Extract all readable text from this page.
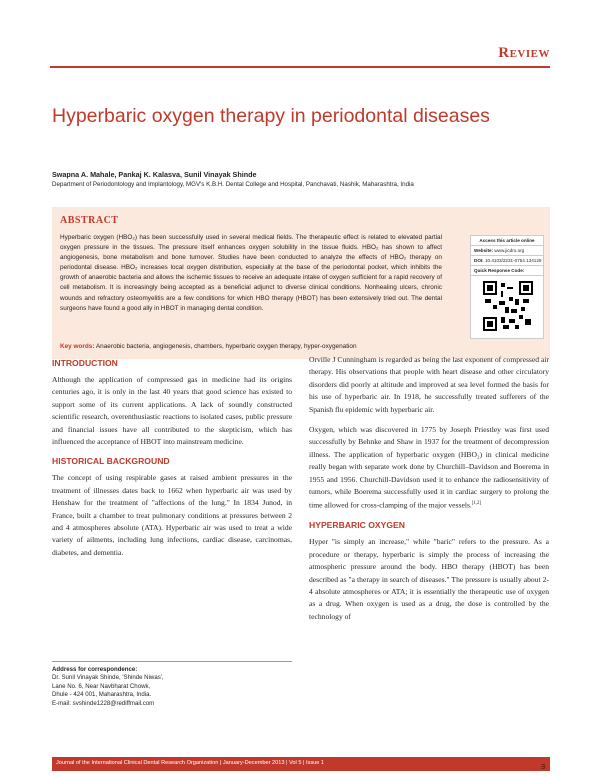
Review
Hyperbaric oxygen therapy in periodontal diseases
Swapna A. Mahale, Pankaj K. Kalasva, Sunil Vinayak Shinde
Department of Periodontology and Implantology, MGV's K.B.H. Dental College and Hospital, Panchavati, Nashik, Maharashtra, India
ABSTRACT
Hyperbaric oxygen (HBO₂) has been successfully used in several medical fields. The therapeutic effect is related to elevated partial oxygen pressure in the tissues. The pressure itself enhances oxygen solubility in the tissue fluids. HBO₂ has shown to affect angiogenesis, bone metabolism and bone turnover. Studies have been conducted to analyze the effects of HBO₂ therapy on periodontal disease. HBO₂ increases local oxygen distribution, especially at the base of the periodontal pocket, which inhibits the growth of anaerobic bacteria and allows the ischemic tissues to receive an adequate intake of oxygen sufficient for a rapid recovery of cell metabolism. It is increasingly being accepted as a beneficial adjunct to diverse clinical conditions. Nonhealing ulcers, chronic wounds and refractory osteomyelitis are a few conditions for which HBO therapy (HBOT) has been extensively tried out. The dental surgeons have found a good ally in HBOT in managing dental condition.
Key words: Anaerobic bacteria, angiogenesis, chambers, hyperbaric oxygen therapy, hyper-oxygenation
Access this article online
Website: www.jicdro.org
DOI: 10.4103/2231-0754.134129
Quick Response Code:
INTRODUCTION

Although the application of compressed gas in medicine had its origins centuries ago, it is only in the last 40 years that good science has existed to support some of its current applications. A lack of soundly constructed scientific research, overenthusiastic reactions to isolated cases, public pressure and financial issues have all contributed to the skepticism, which has influenced the acceptance of HBOT into mainstream medicine.

HISTORICAL BACKGROUND

The concept of using respirable gases at raised ambient pressures in the treatment of illnesses dates back to 1662 when hyperbaric air was used by Henshaw for the treatment of "affections of the lung." In 1834 Junod, in France, built a chamber to treat pulmonary conditions at pressures between 2 and 4 atmospheres absolute (ATA). Hyperbaric air was used to treat a wide variety of ailments, including lung infections, cardiac disease, carcinomas, diabetes, and dementia.

Orville J Cunningham is regarded as being the last exponent of compressed air therapy. His observations that people with heart disease and other circulatory disorders did poorly at altitude and improved at sea level formed the basis for his use of hyperbaric air. In 1918, he successfully treated sufferers of the Spanish flu epidemic with hyperbaric air.

Oxygen, which was discovered in 1775 by Joseph Priestley was first used successfully by Behnke and Shaw in 1937 for the treatment of decompression illness. The application of hyperbaric oxygen (HBO₂) in clinical medicine really began with separate work done by Churchill–Davidson and Boerema in 1955 and 1956. Churchill-Davidson used it to enhance the radiosensitivity of tumors, while Boerema successfully used it in cardiac surgery to prolong the time allowed for cross-clamping of the major vessels.[1,2]

HYPERBARIC OXYGEN

Hyper "is simply an increase," while "baric" refers to the pressure. As a procedure or therapy, hyperbaric is simply the process of increasing the atmospheric pressure around the body. HBO therapy (HBOT) has been described as "a therapy in search of diseases." The pressure is usually about 2-4 absolute atmospheres or ATA; it is essentially the therapeutic use of oxygen as a drug. When oxygen is used as a drug, the dose is controlled by the technology of

Address for correspondence:
Dr. Sunil Vinayak Shinde, 'Shinde Niwas',
Lane No. 6, Near Navbharat Chowk,
Dhule - 424 001, Maharashtra, India.
E-mail: svshinde1228@rediffmail.com
Journal of the International Clinical Dental Research Organization | January-December 2013 | Vol 5 | Issue 1	3
